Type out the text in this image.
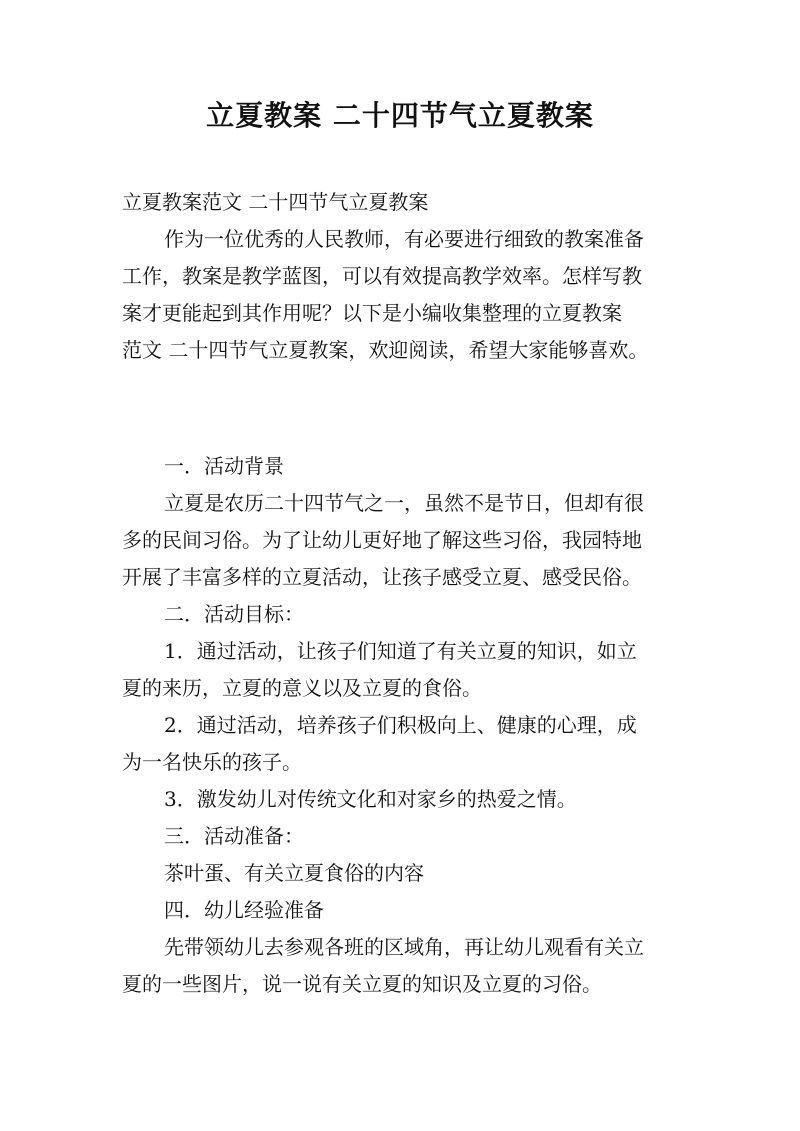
立夏教案 二十四节气立夏教案

立夏教案范文 二十四节气立夏教案

作为一位优秀的人民教师，有必要进行细致的教案准备

工作，教案是教学蓝图，可以有效提高教学效率。怎样写教

案才更能起到其作用呢？以下是小编收集整理的立夏教案

范文 二十四节气立夏教案，欢迎阅读，希望大家能够喜欢。

一．活动背景

立夏是农历二十四节气之一，虽然不是节日，但却有很

多的民间习俗。为了让幼儿更好地了解这些习俗，我园特地

开展了丰富多样的立夏活动，让孩子感受立夏、感受民俗。

二．活动目标：

1．通过活动，让孩子们知道了有关立夏的知识，如立

夏的来历，立夏的意义以及立夏的食俗。

2．通过活动，培养孩子们积极向上、健康的心理，成

为一名快乐的孩子。

3．激发幼儿对传统文化和对家乡的热爱之情。

三．活动准备：

茶叶蛋、有关立夏食俗的内容

四．幼儿经验准备

先带领幼儿去参观各班的区域角，再让幼儿观看有关立

夏的一些图片，说一说有关立夏的知识及立夏的习俗。
